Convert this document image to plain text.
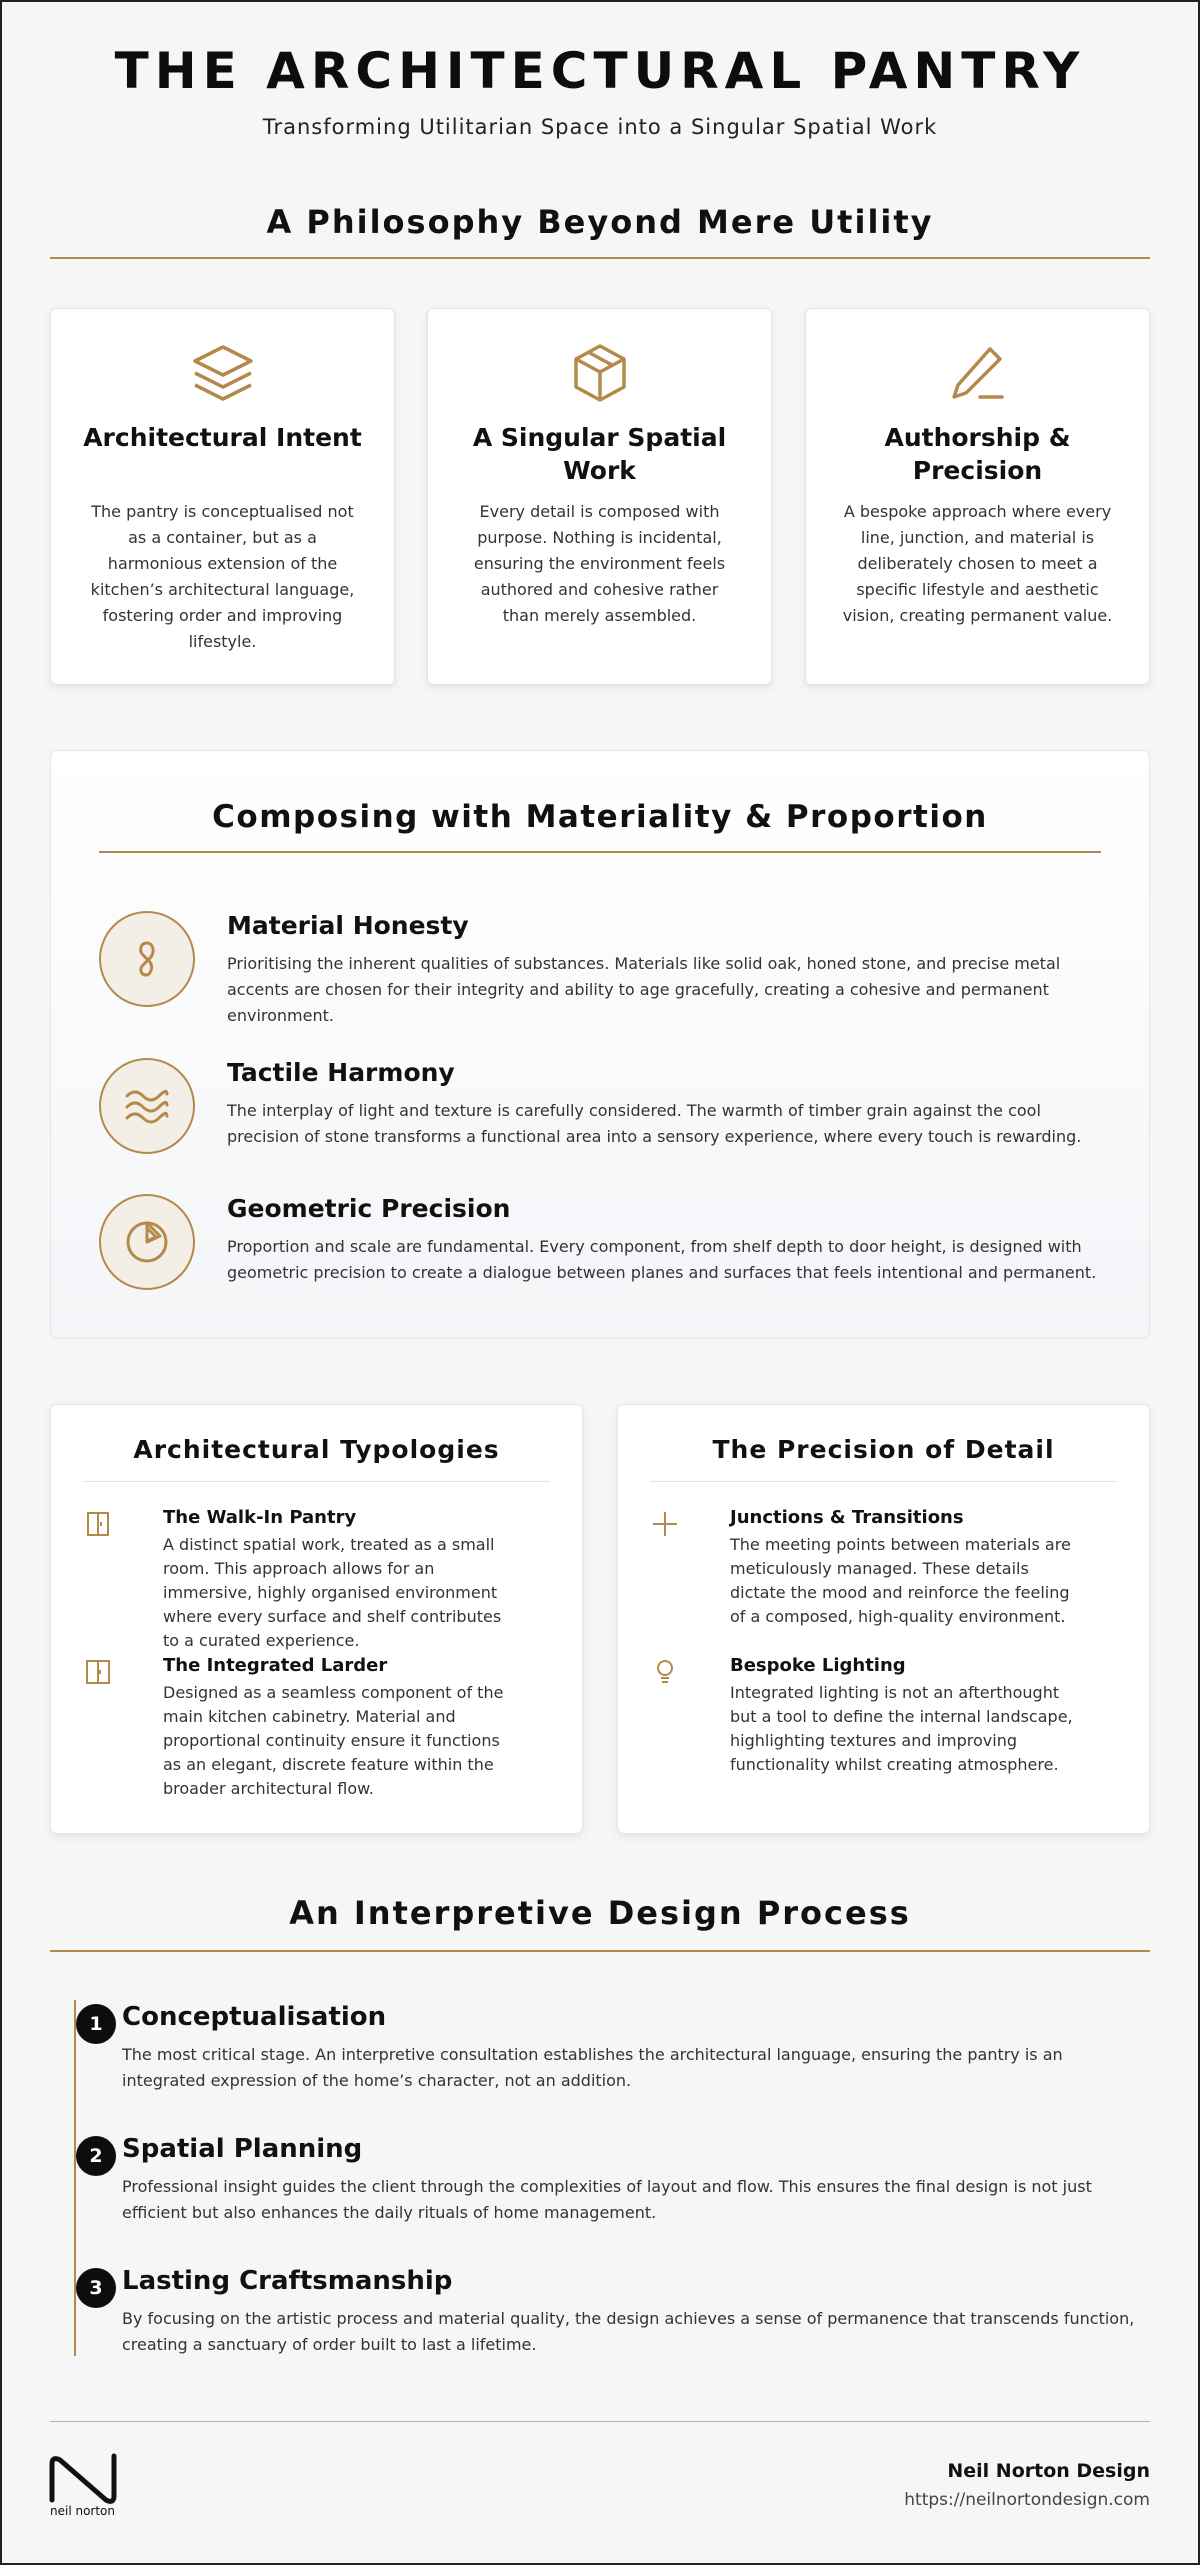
THE ARCHITECTURAL PANTRY
Transforming Utilitarian Space into a Singular Spatial Work
A Philosophy Beyond Mere Utility
Architectural Intent

The pantry is conceptualised not as a container, but as a harmonious extension of the kitchen’s architectural language, fostering order and improving lifestyle.

A Singular Spatial Work

Every detail is composed with purpose. Nothing is incidental, ensuring the environment feels authored and cohesive rather than merely assembled.

Authorship & Precision

A bespoke approach where every line, junction, and material is deliberately chosen to meet a specific lifestyle and aesthetic vision, creating permanent value.

Composing with Materiality & Proportion
Material Honesty

Prioritising the inherent qualities of substances. Materials like solid oak, honed stone, and precise metal accents are chosen for their integrity and ability to age gracefully, creating a cohesive and permanent environment.

Tactile Harmony

The interplay of light and texture is carefully considered. The warmth of timber grain against the cool precision of stone transforms a functional area into a sensory experience, where every touch is rewarding.

Geometric Precision

Proportion and scale are fundamental. Every component, from shelf depth to door height, is designed with geometric precision to create a dialogue between planes and surfaces that feels intentional and permanent.

Architectural Typologies
The Walk-In Pantry

A distinct spatial work, treated as a small room. This approach allows for an immersive, highly organised environment where every surface and shelf contributes to a curated experience.

The Integrated Larder

Designed as a seamless component of the main kitchen cabinetry. Material and proportional continuity ensure it functions as an elegant, discrete feature within the broader architectural flow.

The Precision of Detail
Junctions & Transitions

The meeting points between materials are meticulously managed. These details dictate the mood and reinforce the feeling of a composed, high-quality environment.

Bespoke Lighting

Integrated lighting is not an afterthought but a tool to define the internal landscape, highlighting textures and improving functionality whilst creating atmosphere.

An Interpretive Design Process
1 Conceptualisation

The most critical stage. An interpretive consultation establishes the architectural language, ensuring the pantry is an integrated expression of the home’s character, not an addition.

2 Spatial Planning

Professional insight guides the client through the complexities of layout and flow. This ensures the final design is not just efficient but also enhances the daily rituals of home management.

3 Lasting Craftsmanship

By focusing on the artistic process and material quality, the design achieves a sense of permanence that transcends function, creating a sanctuary of order built to last a lifetime.

neil norton
Neil Norton Design
https://neilnortondesign.com
